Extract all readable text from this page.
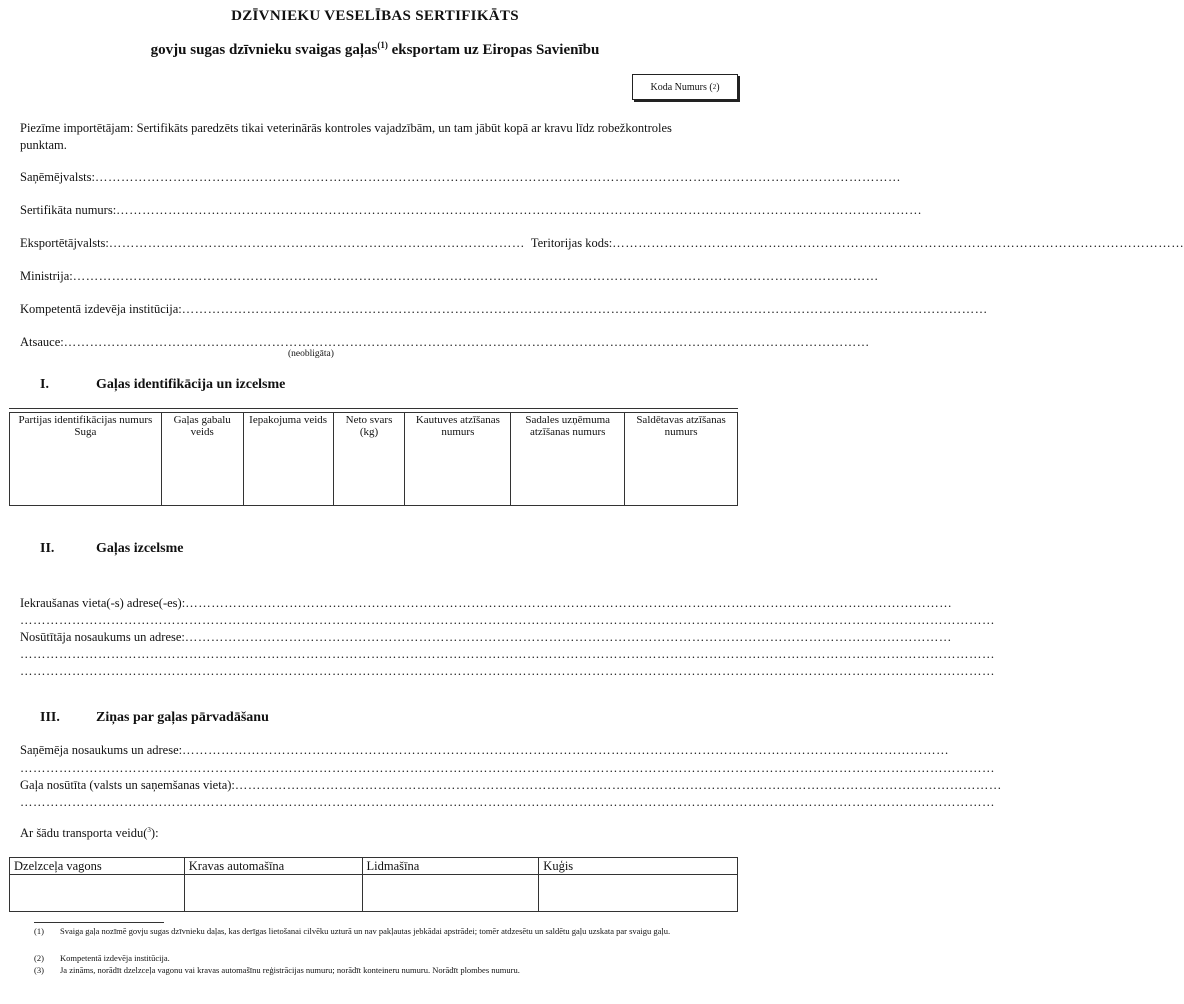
DZĪVNIEKU VESELĪBAS SERTIFIKĀTS
govju sugas dzīvnieku svaigas gaļas$^{(1)}$ eksportam uz Eiropas Savienību
Koda Numurs ( 2 )
Piezīme importētājam: Sertifikāts paredzēts tikai veterinārās kontroles vajadzībām, un tam jābūt kopā ar kravu līdz robežkontroles punktam.
Saņēmējvalsts: ……………………………………………………………………………………………………………………………………………………………………
Sertifikāta numurs: ……………………………………………………………………………………………………………………………………………………………………
Eksportētājvalsts: …………………………………………………………………………………… Teritorijas kods: ……………………………………………………………………………………………………………………
Ministrija: ……………………………………………………………………………………………………………………………………………………………………
Kompetentā izdevēja institūcija: ……………………………………………………………………………………………………………………………………………………………………
Atsauce: ……………………………………………………………………………………………………………………………………………………………………
(neobligāta)
I.	Gaļas identifikācija un izcelsme
Partijas identifikācijas numurs Suga	Gaļas gabalu veids	Iepakojuma veids	Neto svars (kg)	Kautuves atzīšanas numurs	Sadales uzņēmuma atzīšanas numurs	Saldētavas atzīšanas numurs

II.	Gaļas izcelsme
Iekraušanas vieta(-s) adrese(-es): ……………………………………………………………………………………………………………………………………………………………
………………………………………………………………………………………………………………………………………………………………………………………………………
Nosūtītāja nosaukums un adrese: ……………………………………………………………………………………………………………………………………………………………
………………………………………………………………………………………………………………………………………………………………………………………………………
………………………………………………………………………………………………………………………………………………………………………………………………………
III.	Ziņas par gaļas pārvadāšanu
Saņēmēja nosaukums un adrese: ……………………………………………………………………………………………………………………………………………………………
………………………………………………………………………………………………………………………………………………………………………………………………………
Gaļa nosūtīta (valsts un saņemšanas vieta): ……………………………………………………………………………………………………………………………………………………………
………………………………………………………………………………………………………………………………………………………………………………………………………
Ar šādu transporta veidu($^3$):
Dzelzceļa vagons	Kravas automašīna	Lidmašīna	Kuģis

(1) Svaiga gaļa nozīmē govju sugas dzīvnieku daļas, kas derīgas lietošanai cilvēku uzturā un nav pakļautas jebkādai apstrādei; tomēr atdzesētu un saldētu gaļu uzskata par svaigu gaļu.
(2) Kompetentā izdevēja institūcija.
(3) Ja zināms, norādīt dzelzceļa vagonu vai kravas automašīnu reģistrācijas numuru; norādīt konteineru numuru. Norādīt plombes numuru.
